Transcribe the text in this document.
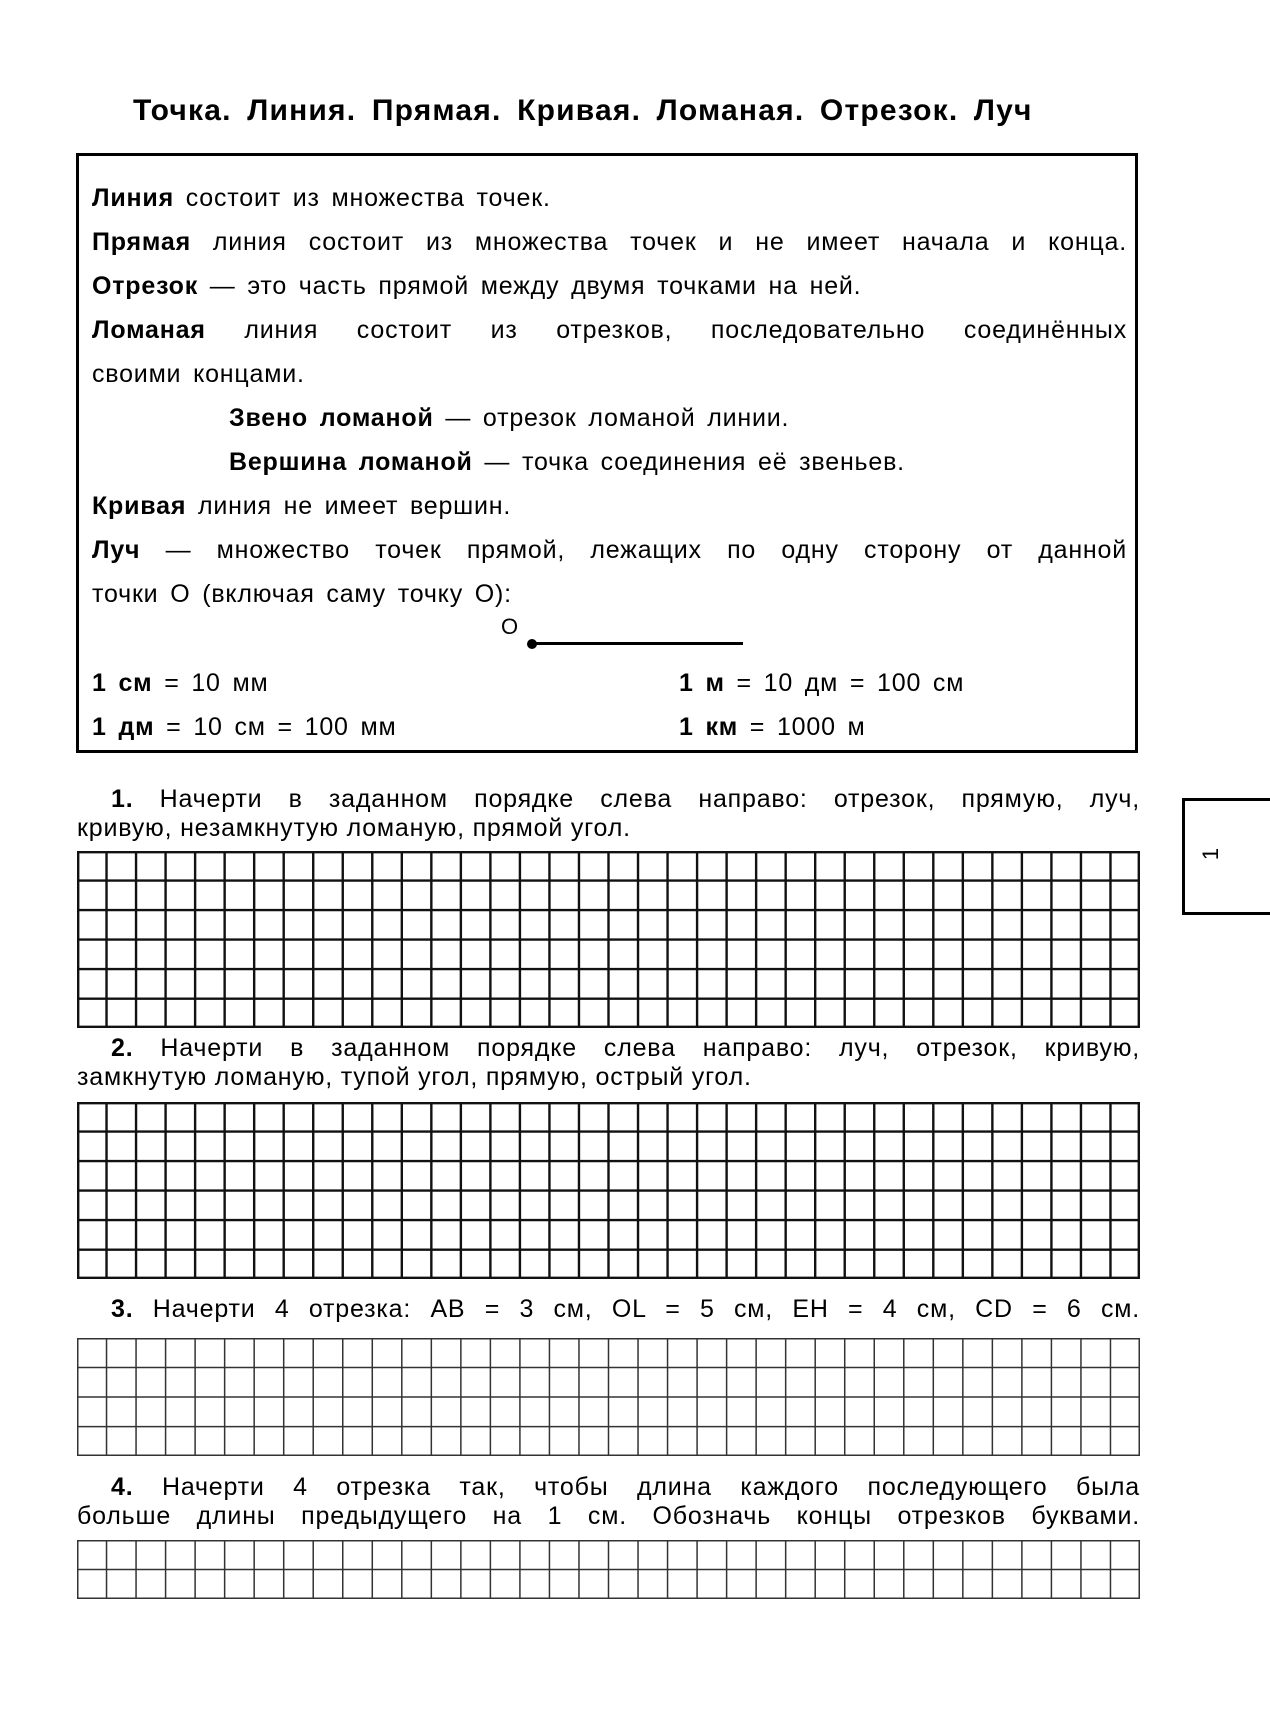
Точка. Линия. Прямая. Кривая. Ломаная. Отрезок. Луч
Линия состоит из множества точек.
Прямая линия состоит из множества точек и не имеет начала и конца.
Отрезок — это часть прямой между двумя точками на ней.
Ломаная линия состоит из отрезков, последовательно соединённых
своими концами.
Звено ломаной — отрезок ломаной линии.
Вершина ломаной — точка соединения её звеньев.
Кривая линия не имеет вершин.
Луч — множество точек прямой, лежащих по одну сторону от данной
точки О (включая саму точку О):
О
1 см = 10 мм	1 м = 10 дм = 100 см
1 дм = 10 см = 100 мм	1 км = 1000 м
1. Начерти в заданном порядке слева направо: отрезок, прямую, луч,
кривую, незамкнутую ломаную, прямой угол.
2. Начерти в заданном порядке слева направо: луч, отрезок, кривую,
замкнутую ломаную, тупой угол, прямую, острый угол.
3. Начерти 4 отрезка: AB = 3 см, OL = 5 см, EH = 4 см, CD = 6 см.
4. Начерти 4 отрезка так, чтобы длина каждого последующего была
больше длины предыдущего на 1 см. Обозначь концы отрезков буквами.
1
